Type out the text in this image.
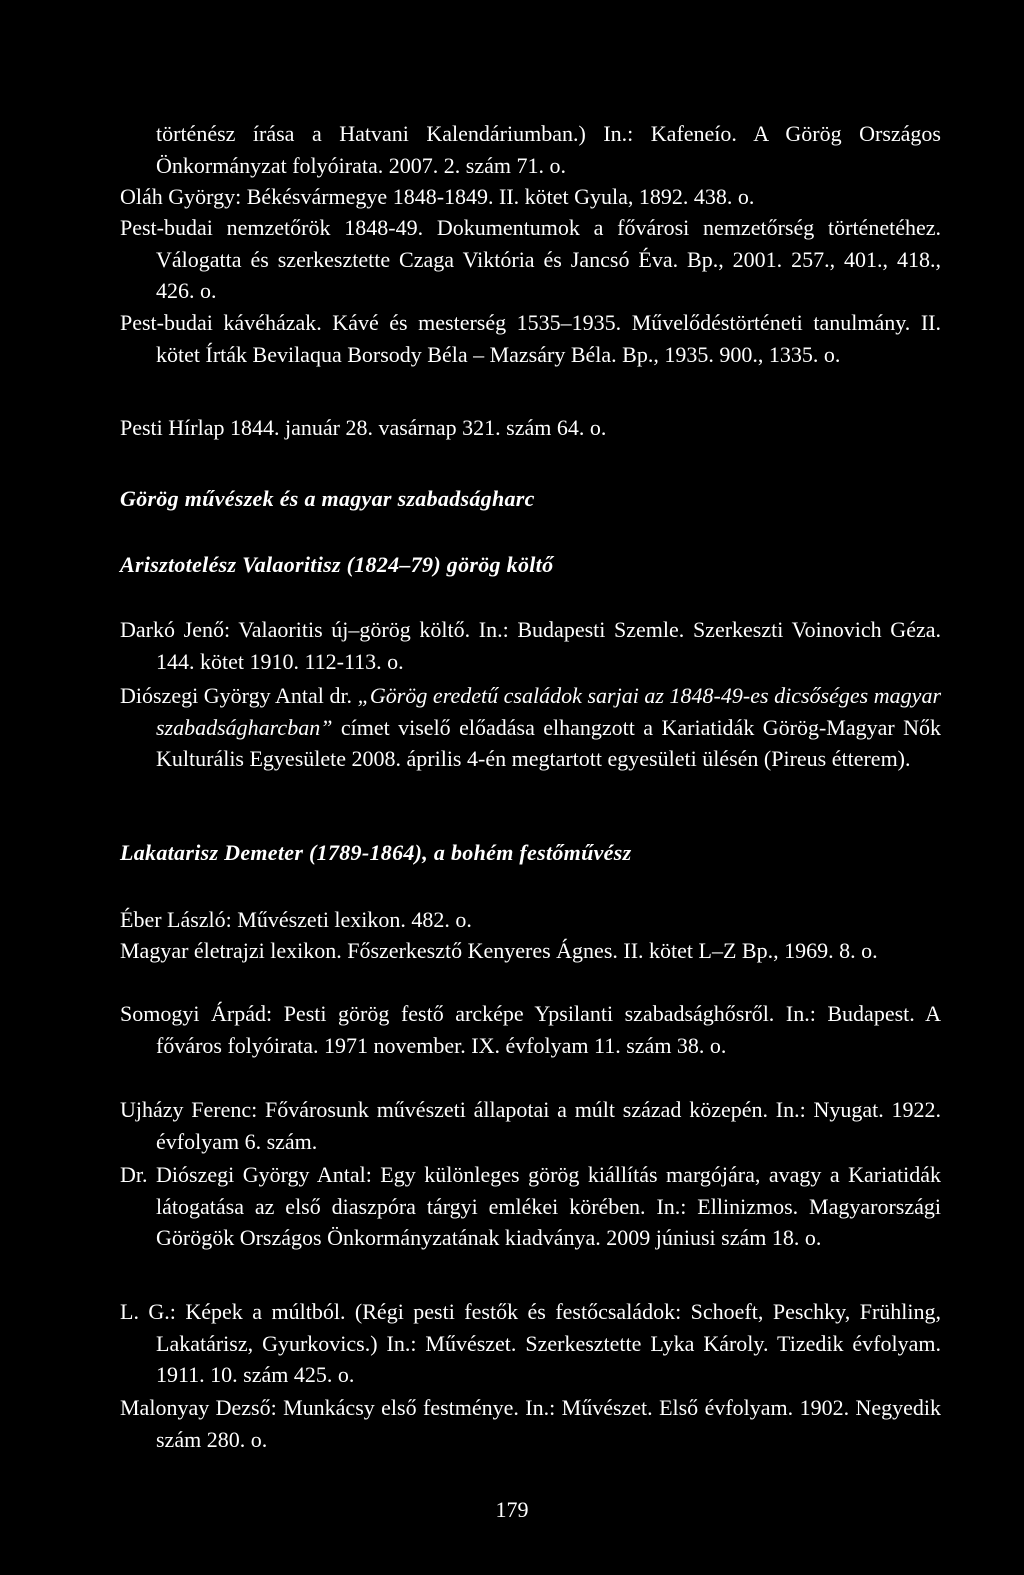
történész írása a Hatvani Kalendáriumban.) In.: Kafeneío. A Görög Országos Önkormányzat folyóirata. 2007. 2. szám 71. o.
Oláh György: Békésvármegye 1848-1849. II. kötet Gyula, 1892. 438. o.
Pest-budai nemzetőrök 1848-49. Dokumentumok a fővárosi nemzetőrség történetéhez. Válogatta és szerkesztette Czaga Viktória és Jancsó Éva. Bp., 2001. 257., 401., 418., 426. o.
Pest-budai kávéházak. Kávé és mesterség 1535–1935. Művelődéstörténeti tanulmány. II. kötet Írták Bevilaqua Borsody Béla – Mazsáry Béla. Bp., 1935. 900., 1335. o.
Pesti Hírlap 1844. január 28. vasárnap 321. szám 64. o.
Görög művészek és a magyar szabadságharc
Arisztotelész Valaoritisz (1824–79) görög költő
Darkó Jenő: Valaoritis új–görög költő. In.: Budapesti Szemle. Szerkeszti Voinovich Géza. 144. kötet 1910. 112-113. o.
Diószegi György Antal dr. „Görög eredetű családok sarjai az 1848-49-es dicsőséges magyar szabadságharcban” címet viselő előadása elhangzott a Kariatidák Görög-Magyar Nők Kulturális Egyesülete 2008. április 4-én megtartott egyesületi ülésén (Pireus étterem).
Lakatarisz Demeter (1789-1864), a bohém festőművész
Éber László: Művészeti lexikon. 482. o.
Magyar életrajzi lexikon. Főszerkesztő Kenyeres Ágnes. II. kötet L–Z Bp., 1969. 8. o.
Somogyi Árpád: Pesti görög festő arcképe Ypsilanti szabadsághősről. In.: Budapest. A főváros folyóirata. 1971 november. IX. évfolyam 11. szám 38. o.
Ujházy Ferenc: Fővárosunk művészeti állapotai a múlt század közepén. In.: Nyugat. 1922. évfolyam 6. szám.
Dr. Diószegi György Antal: Egy különleges görög kiállítás margójára, avagy a Kariatidák látogatása az első diaszpóra tárgyi emlékei körében. In.: Ellinizmos. Magyarországi Görögök Országos Önkormányzatának kiadványa. 2009 júniusi szám 18. o.
L. G.: Képek a múltból. (Régi pesti festők és festőcsaládok: Schoeft, Peschky, Frühling, Lakatárisz, Gyurkovics.) In.: Művészet. Szerkesztette Lyka Károly. Tizedik évfolyam. 1911. 10. szám 425. o.
Malonyay Dezső: Munkácsy első festménye. In.: Művészet. Első évfolyam. 1902. Negyedik szám 280. o.
179
